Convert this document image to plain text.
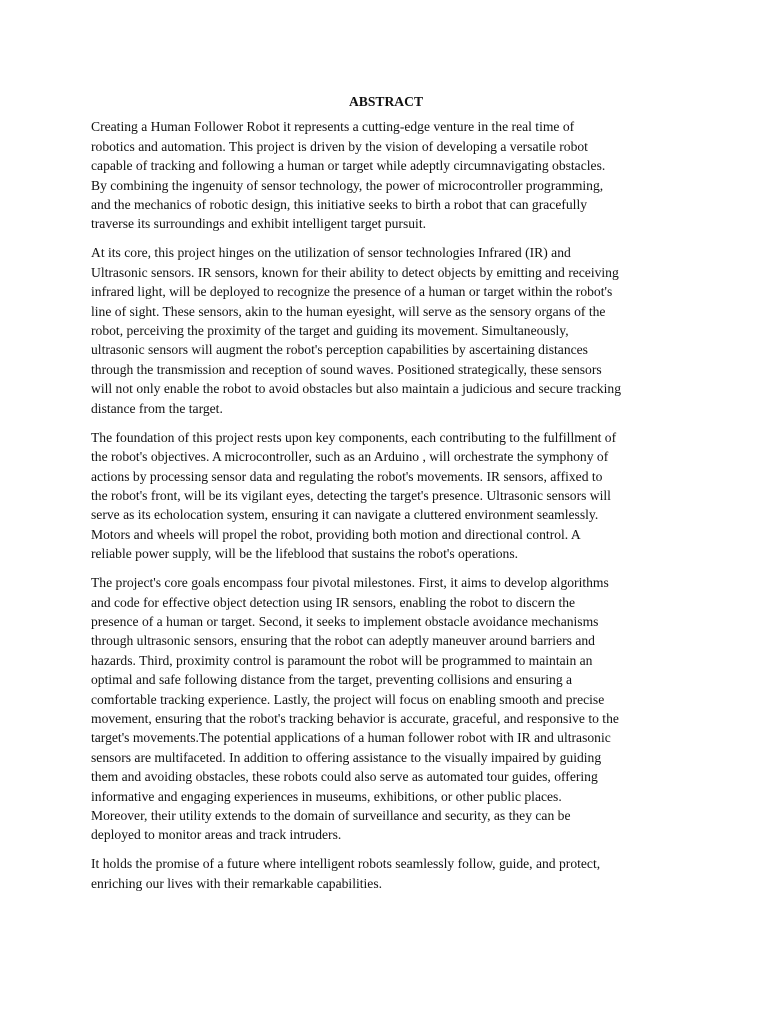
ABSTRACT

Creating a Human Follower Robot it represents a cutting-edge venture in the real time of
robotics and automation. This project is driven by the vision of developing a versatile robot
capable of tracking and following a human or target while adeptly circumnavigating obstacles.
By combining the ingenuity of sensor technology, the power of microcontroller programming,
and the mechanics of robotic design, this initiative seeks to birth a robot that can gracefully
traverse its surroundings and exhibit intelligent target pursuit.

At its core, this project hinges on the utilization of sensor technologies Infrared (IR) and
Ultrasonic sensors. IR sensors, known for their ability to detect objects by emitting and receiving
infrared light, will be deployed to recognize the presence of a human or target within the robot's
line of sight. These sensors, akin to the human eyesight, will serve as the sensory organs of the
robot, perceiving the proximity of the target and guiding its movement. Simultaneously,
ultrasonic sensors will augment the robot's perception capabilities by ascertaining distances
through the transmission and reception of sound waves. Positioned strategically, these sensors
will not only enable the robot to avoid obstacles but also maintain a judicious and secure tracking
distance from the target.

The foundation of this project rests upon key components, each contributing to the fulfillment of
the robot's objectives. A microcontroller, such as an Arduino , will orchestrate the symphony of
actions by processing sensor data and regulating the robot's movements. IR sensors, affixed to
the robot's front, will be its vigilant eyes, detecting the target's presence. Ultrasonic sensors will
serve as its echolocation system, ensuring it can navigate a cluttered environment seamlessly.
Motors and wheels will propel the robot, providing both motion and directional control. A
reliable power supply, will be the lifeblood that sustains the robot's operations.

The project's core goals encompass four pivotal milestones. First, it aims to develop algorithms
and code for effective object detection using IR sensors, enabling the robot to discern the
presence of a human or target. Second, it seeks to implement obstacle avoidance mechanisms
through ultrasonic sensors, ensuring that the robot can adeptly maneuver around barriers and
hazards. Third, proximity control is paramount the robot will be programmed to maintain an
optimal and safe following distance from the target, preventing collisions and ensuring a
comfortable tracking experience. Lastly, the project will focus on enabling smooth and precise
movement, ensuring that the robot's tracking behavior is accurate, graceful, and responsive to the
target's movements.The potential applications of a human follower robot with IR and ultrasonic
sensors are multifaceted. In addition to offering assistance to the visually impaired by guiding
them and avoiding obstacles, these robots could also serve as automated tour guides, offering
informative and engaging experiences in museums, exhibitions, or other public places.
Moreover, their utility extends to the domain of surveillance and security, as they can be
deployed to monitor areas and track intruders.

It holds the promise of a future where intelligent robots seamlessly follow, guide, and protect,
enriching our lives with their remarkable capabilities.
